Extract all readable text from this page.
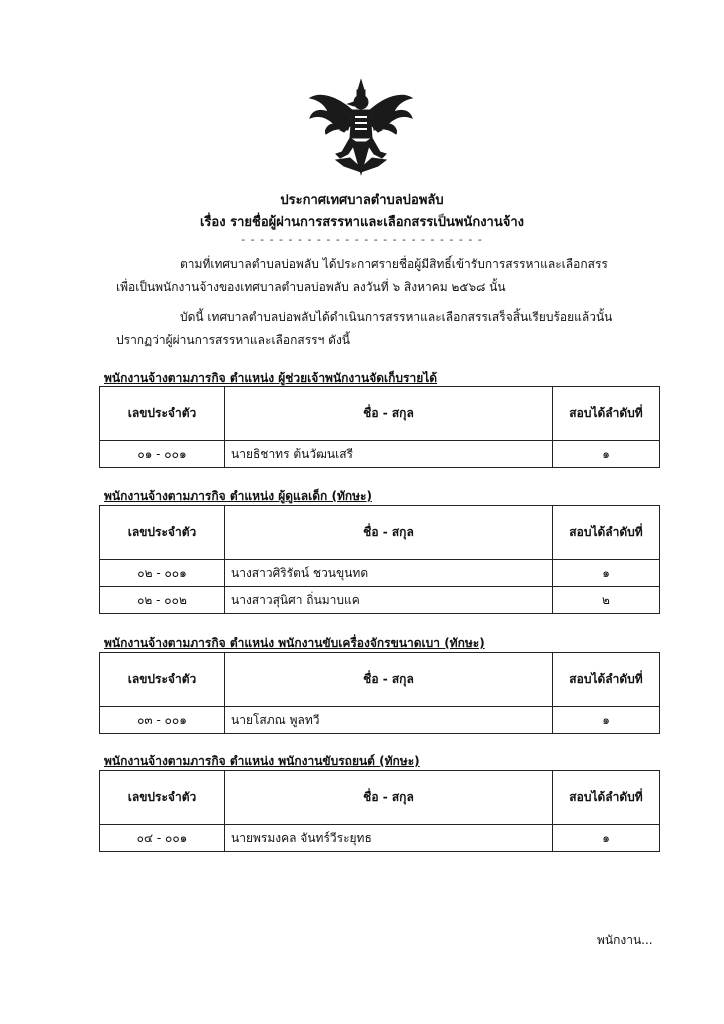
ประกาศเทศบาลตำบลบ่อพลับ
เรื่อง รายชื่อผู้ผ่านการสรรหาและเลือกสรรเป็นพนักงานจ้าง
- - - - - - - - - - - - - - - - - - - - - - - - - -
ตามที่เทศบาลตำบลบ่อพลับ ได้ประกาศรายชื่อผู้มีสิทธิ์เข้ารับการสรรหาและเลือกสรร
เพื่อเป็นพนักงานจ้างของเทศบาลตำบลบ่อพลับ ลงวันที่ ๖ สิงหาคม ๒๕๖๘ นั้น
บัดนี้ เทศบาลตำบลบ่อพลับได้ดำเนินการสรรหาและเลือกสรรเสร็จสิ้นเรียบร้อยแล้วนั้น
ปรากฏว่าผู้ผ่านการสรรหาและเลือกสรรฯ ดังนี้
พนักงานจ้างตามภารกิจ ตำแหน่ง ผู้ช่วยเจ้าพนักงานจัดเก็บรายได้
เลขประจำตัว	ชื่อ - สกุล	สอบได้ลำดับที่
๐๑ - ๐๐๑	นายธิชาทร ต้นวัฒนเสรี	๑
พนักงานจ้างตามภารกิจ ตำแหน่ง ผู้ดูแลเด็ก (ทักษะ)
เลขประจำตัว	ชื่อ - สกุล	สอบได้ลำดับที่
๐๒ - ๐๐๑	นางสาวศิริรัตน์ ชวนขุนทด	๑
๐๒ - ๐๐๒	นางสาวสุนิศา ถิ่นมาบแค	๒
พนักงานจ้างตามภารกิจ ตำแหน่ง พนักงานขับเครื่องจักรขนาดเบา (ทักษะ)
เลขประจำตัว	ชื่อ - สกุล	สอบได้ลำดับที่
๐๓ - ๐๐๑	นายโสภณ พูลทวี	๑
พนักงานจ้างตามภารกิจ ตำแหน่ง พนักงานขับรถยนต์ (ทักษะ)
เลขประจำตัว	ชื่อ - สกุล	สอบได้ลำดับที่
๐๔ - ๐๐๑	นายพรมงคล จันทร์วีระยุทธ	๑
พนักงาน...
